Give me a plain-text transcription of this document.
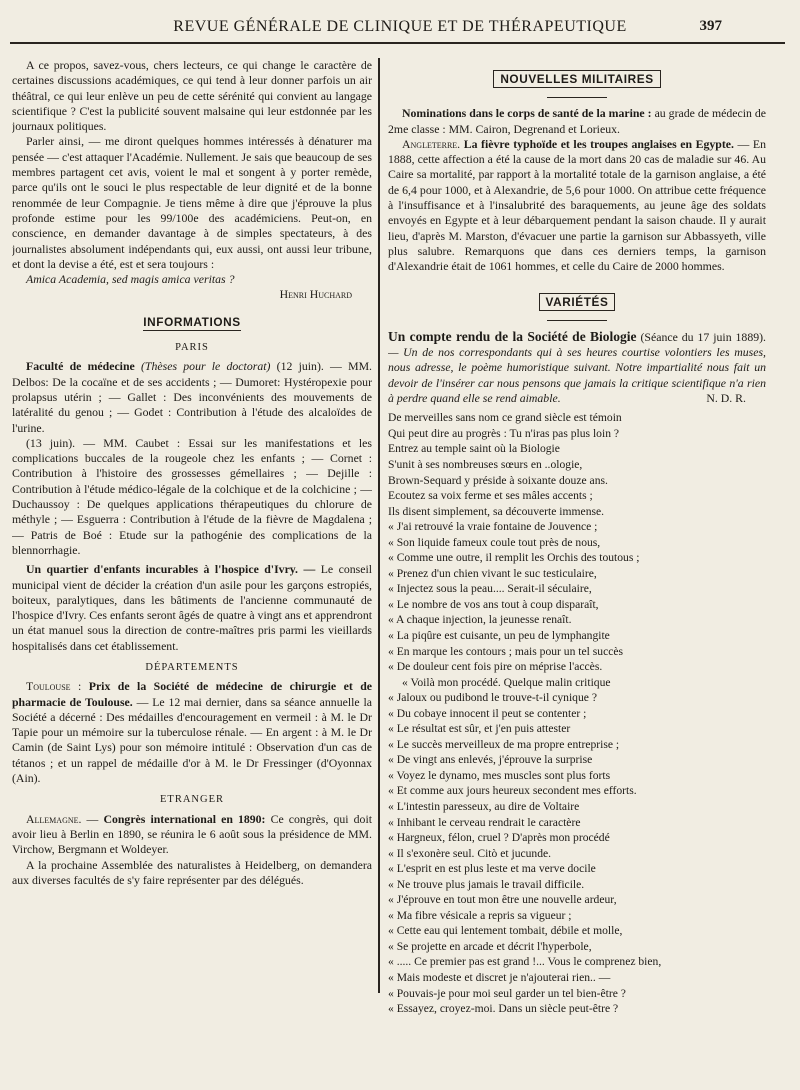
REVUE GÉNÉRALE DE CLINIQUE ET DE THÉRAPEUTIQUE	397

A ce propos, savez-vous, chers lecteurs, ce qui change le caractère de certaines discussions académiques, ce qui tend à leur donner parfois un air théâtral, ce qui leur enlève un peu de cette sérénité qui convient au langage scientifique ? C'est la publicité souvent malsaine qui leur estdonnée par les journaux politiques.

Parler ainsi, — me diront quelques hommes intéressés à dénaturer ma pensée — c'est attaquer l'Académie. Nullement. Je sais que beaucoup de ses membres partagent cet avis, voient le mal et songent à y porter remède, parce qu'ils ont le souci le plus respectable de leur dignité et de la bonne renommée de leur Compagnie. Je tiens même à dire que j'éprouve la plus profonde estime pour les 99/100e des académiciens. Peut-on, en conscience, en demander davantage à de simples spectateurs, à des journalistes absolument indépendants qui, eux aussi, ont aussi leur tribune, et dont la devise a été, est et sera toujours :

Amica Academia, sed magis amica veritas ?

Henri Huchard

INFORMATIONS
PARIS

Faculté de médecine (Thèses pour le doctorat) (12 juin). — MM. Delbos: De la cocaïne et de ses accidents ; — Dumoret: Hystéropexie pour prolapsus utérin ; — Gallet : Des inconvénients des mouvements de latéralité du genou ; — Godet : Contribution à l'étude des alcaloïdes de l'urine.

(13 juin). — MM. Caubet : Essai sur les manifestations et les complications buccales de la rougeole chez les enfants ; — Cornet : Contribution à l'histoire des grossesses gémellaires ; — Dejille : Contribution à l'étude médico-légale de la colchique et de la colchicine ; — Duchaussoy : De quelques applications thérapeutiques du chlorure de méthyle ; — Esguerra : Contribution à l'étude de la fièvre de Magdalena ; — Patris de Boé : Etude sur la pathogénie des complications de la blennorrhagie.

Un quartier d'enfants incurables à l'hospice d'Ivry. — Le conseil municipal vient de décider la création d'un asile pour les garçons estropiés, boiteux, paralytiques, dans les bâtiments de l'ancienne communauté de l'hospice d'Ivry. Ces enfants seront âgés de quatre à vingt ans et apprendront un état manuel sous la direction de contre-maîtres pris parmi les vieillards hospitalisés dans cet établissement.

DÉPARTEMENTS

Toulouse : Prix de la Société de médecine de chirurgie et de pharmacie de Toulouse. — Le 12 mai dernier, dans sa séance annuelle la Société a décerné : Des médailles d'encouragement en vermeil : à M. le Dr Tapie pour un mémoire sur la tuberculose rénale. — En argent : à M. le Dr Camin (de Saint Lys) pour son mémoire intitulé : Observation d'un cas de tétanos ; et un rappel de médaille d'or à M. le Dr Fressinger (d'Oyonnax (Ain).

ETRANGER

Allemagne. — Congrès international en 1890: Ce congrès, qui doit avoir lieu à Berlin en 1890, se réunira le 6 août sous la présidence de MM. Virchow, Bergmann et Woldeyer.

A la prochaine Assemblée des naturalistes à Heidelberg, on demandera aux diverses facultés de s'y faire représenter par des délégués.

NOUVELLES MILITAIRES

Nominations dans le corps de santé de la marine : au grade de médecin de 2me classe : MM. Cairon, Degrenand et Lorieux.

Angleterre. La fièvre typhoïde et les troupes anglaises en Egypte. — En 1888, cette affection a été la cause de la mort dans 20 cas de maladie sur 46. Au Caire sa mortalité, par rapport à la mortalité totale de la garnison anglaise, a été de 6,4 pour 1000, et à Alexandrie, de 5,6 pour 1000. On attribue cette fréquence à l'insuffisance et à l'insalubrité des baraquements, au jeune âge des soldats envoyés en Egypte et à leur débarquement pendant la saison chaude. Il y aurait lieu, d'après M. Marston, d'évacuer une partie la garnison sur Abbassyeth, ville plus salubre. Remarquons que dans ces derniers temps, la garnison d'Alexandrie était de 1061 hommes, et celle du Caire de 2000 hommes.

VARIÉTÉS

Un compte rendu de la Société de Biologie (Séance du 17 juin 1889). — Un de nos correspondants qui à ses heures courtise volontiers les muses, nous adresse, le poème humoristique suivant. Notre impartialité nous fait un devoir de l'insérer car nous pensons que jamais la critique scientifique n'a rien à perdre quand elle se rend aimable.	N. D. R.

De merveilles sans nom ce grand siècle est témoin
Qui peut dire au progrès : Tu n'iras pas plus loin ?
Entrez au temple saint où la Biologie
S'unit à ses nombreuses sœurs en ..ologie,
Brown-Sequard y préside à soixante douze ans.
Ecoutez sa voix ferme et ses mâles accents ;
Ils disent simplement, sa découverte immense.
« J'ai retrouvé la vraie fontaine de Jouvence ;
« Son liquide fameux coule tout près de nous,
« Comme une outre, il remplit les Orchis des toutous ;
« Prenez d'un chien vivant le suc testiculaire,
« Injectez sous la peau.... Serait-il séculaire,
« Le nombre de vos ans tout à coup disparaît,
« A chaque injection, la jeunesse renaît.
« La piqûre est cuisante, un peu de lymphangite
« En marque les contours ; mais pour un tel succès
« De douleur cent fois pire on méprise l'accès.
« Voilà mon procédé. Quelque malin critique
« Jaloux ou pudibond le trouve-t-il cynique ?
« Du cobaye innocent il peut se contenter ;
« Le résultat est sûr, et j'en puis attester
« Le succès merveilleux de ma propre entreprise ;
« De vingt ans enlevés, j'éprouve la surprise
« Voyez le dynamo, mes muscles sont plus forts
« Et comme aux jours heureux secondent mes efforts.
« L'intestin paresseux, au dire de Voltaire
« Inhibant le cerveau rendrait le caractère
« Hargneux, félon, cruel ? D'après mon procédé
« Il s'exonère seul. Citò et jucunde.
« L'esprit en est plus leste et ma verve docile
« Ne trouve plus jamais le travail difficile.
« J'éprouve en tout mon être une nouvelle ardeur,
« Ma fibre vésicale a repris sa vigueur ;
« Cette eau qui lentement tombait, débile et molle,
« Se projette en arcade et décrit l'hyperbole,
« ..... Ce premier pas est grand !... Vous le comprenez bien,
« Mais modeste et discret je n'ajouterai rien.. —
« Pouvais-je pour moi seul garder un tel bien-être ?
« Essayez, croyez-moi. Dans un siècle peut-être ?
